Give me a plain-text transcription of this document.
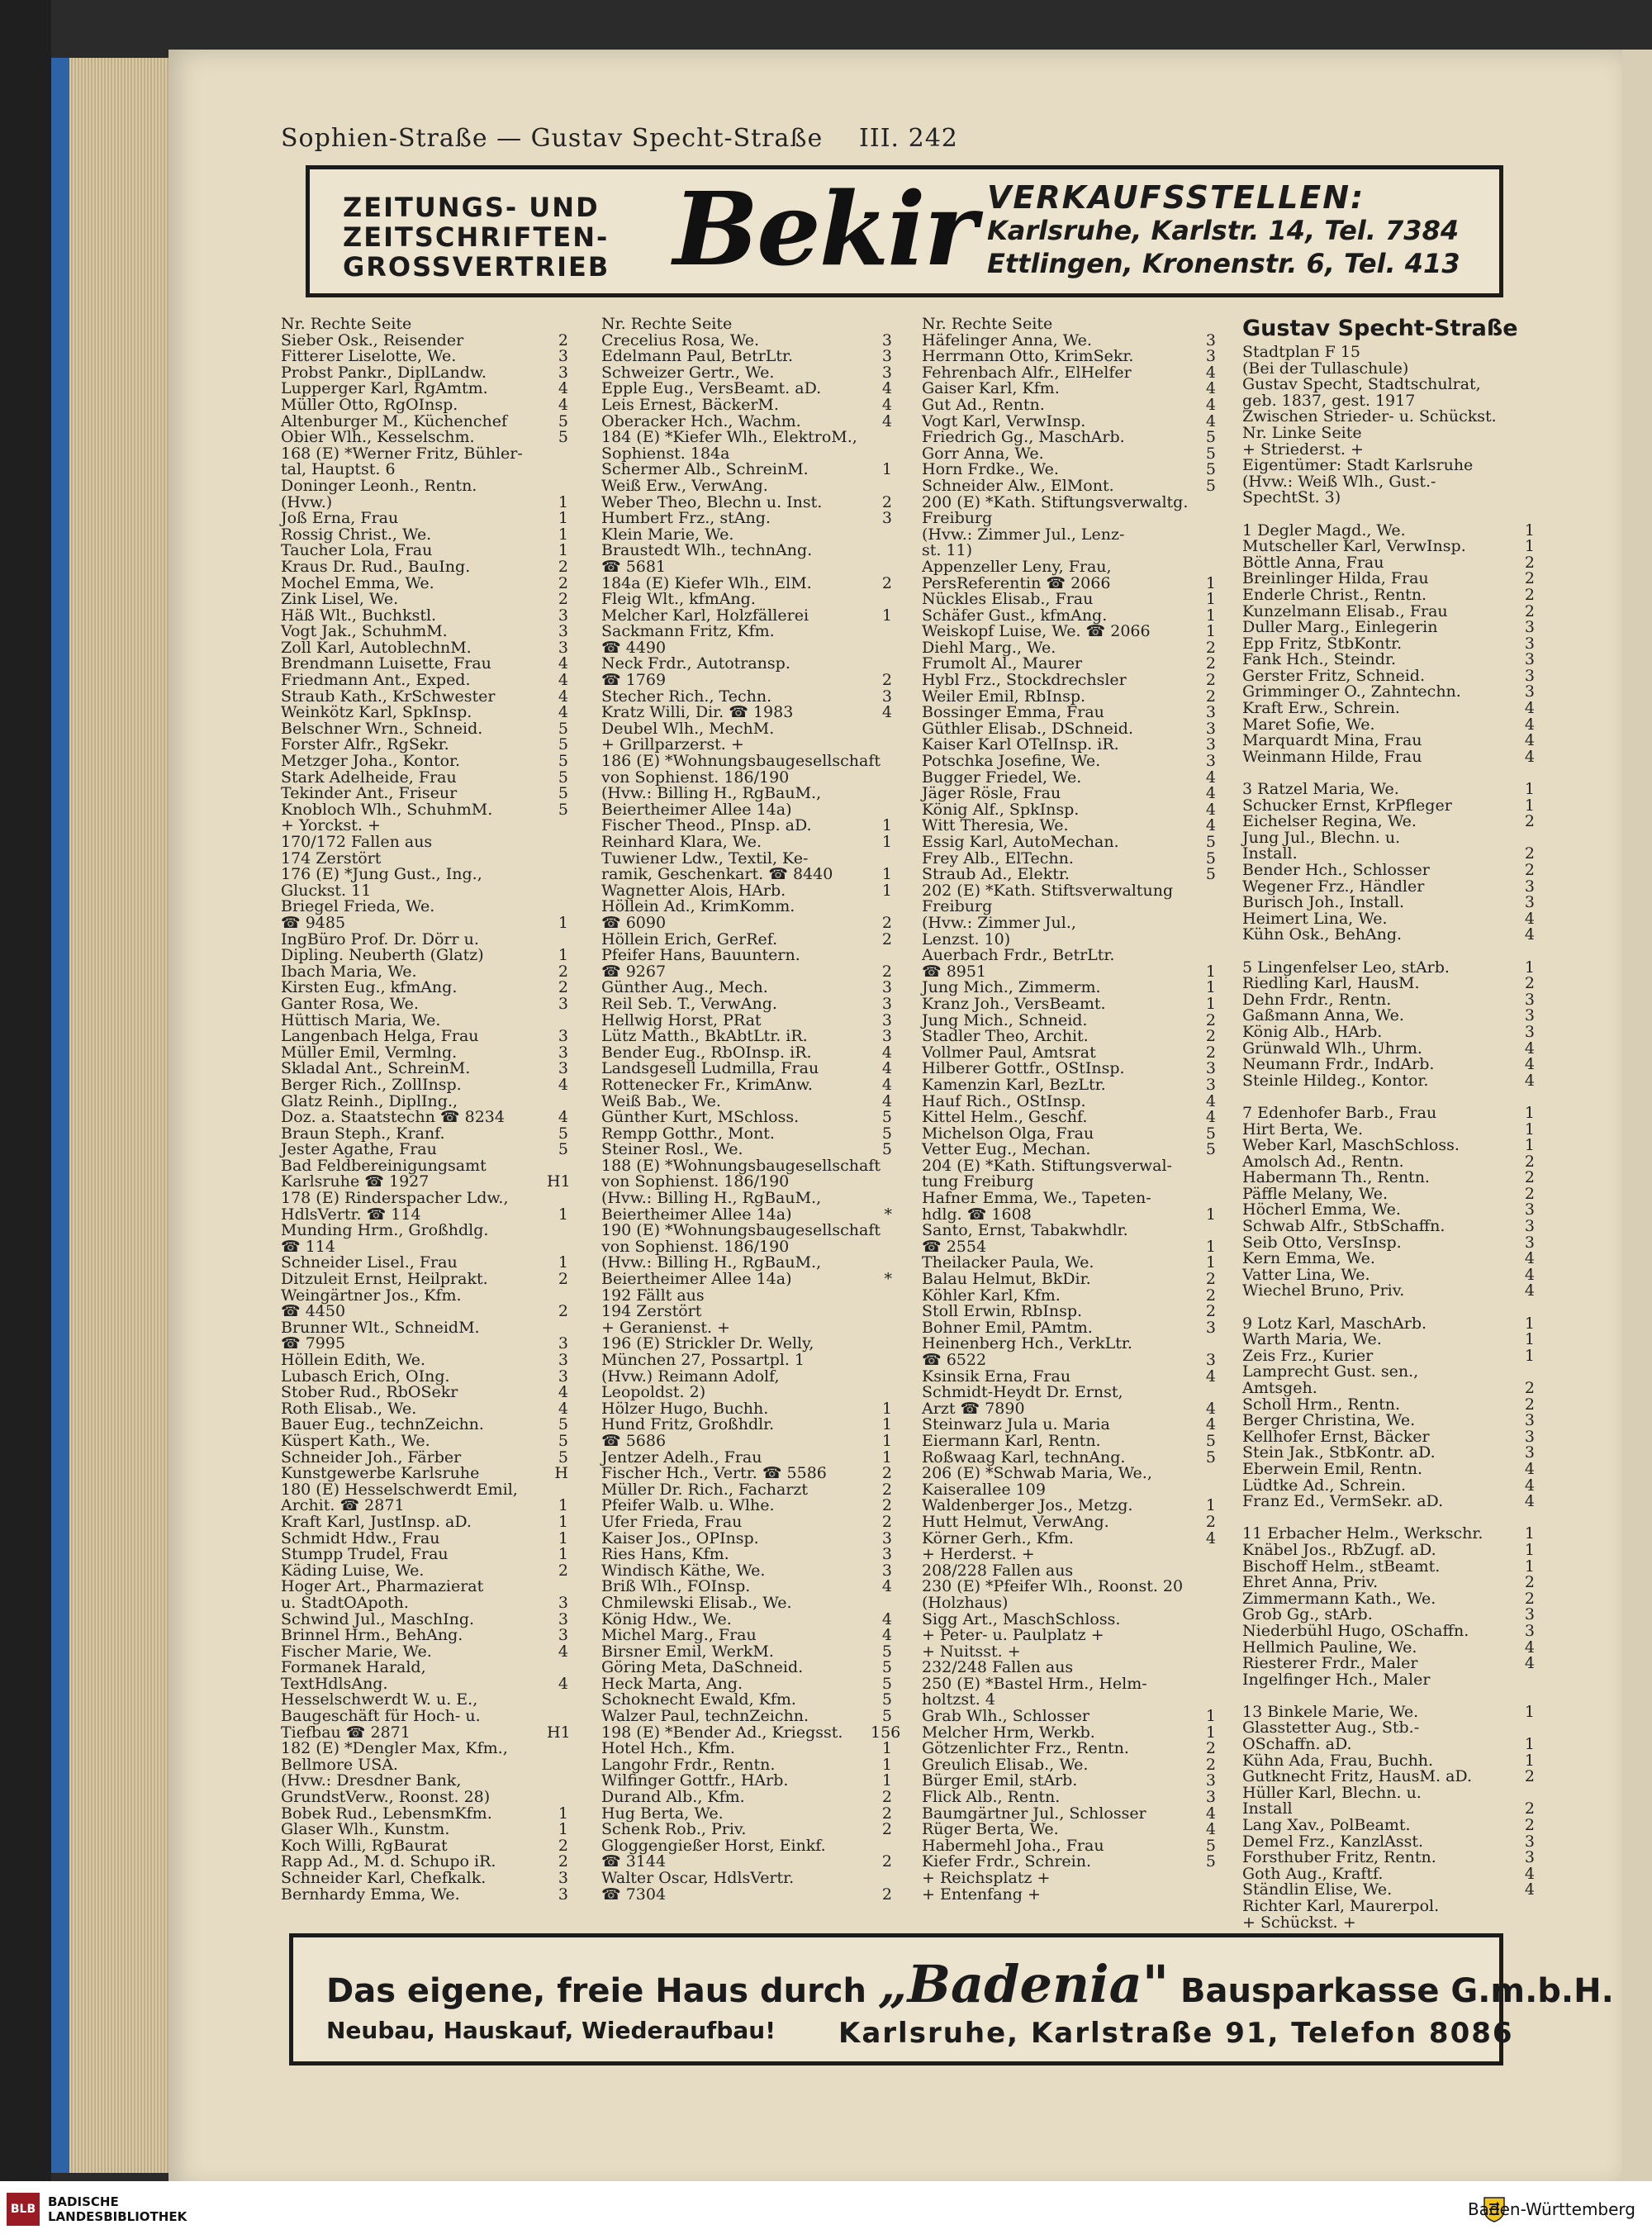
Sophien-Straße — Gustav Specht-Straße III. 242
ZEITUNGS- UND
ZEITSCHRIFTEN-
GROSSVERTRIEB Bekir VERKAUFSSTELLEN:
Karlsruhe, Karlstr. 14, Tel. 7384
Ettlingen, Kronenstr. 6, Tel. 413
Nr. Rechte Seite
Sieber Osk., Reisender	2
Fitterer Liselotte, We.	3
Probst Pankr., DiplLandw.	3
Lupperger Karl, RgAmtm.	4
Müller Otto, RgOInsp.	4
Altenburger M., Küchenchef	5
Obier Wlh., Kesselschm.	5
168 (E) *Werner Fritz, Bühler-
tal, Hauptst. 6
Doninger Leonh., Rentn.
(Hvw.)	1
Joß Erna, Frau	1
Rossig Christ., We.	1
Taucher Lola, Frau	1
Kraus Dr. Rud., BauIng.	2
Mochel Emma, We.	2
Zink Lisel, We.	2
Häß Wlt., Buchkstl.	3
Vogt Jak., SchuhmM.	3
Zoll Karl, AutoblechnM.	3
Brendmann Luisette, Frau	4
Friedmann Ant., Exped.	4
Straub Kath., KrSchwester	4
Weinkötz Karl, SpkInsp.	4
Belschner Wrn., Schneid.	5
Forster Alfr., RgSekr.	5
Metzger Joha., Kontor.	5
Stark Adelheide, Frau	5
Tekinder Ant., Friseur	5
Knobloch Wlh., SchuhmM.	5
+ Yorckst. +
170/172 Fallen aus
174 Zerstört
176 (E) *Jung Gust., Ing.,
Gluckst. 11
Briegel Frieda, We.
☎ 9485	1
IngBüro Prof. Dr. Dörr u.
Dipling. Neuberth (Glatz)	1
Ibach Maria, We.	2
Kirsten Eug., kfmAng.	2
Ganter Rosa, We.	3
Hüttisch Maria, We.
Langenbach Helga, Frau	3
Müller Emil, Vermlng.	3
Skladal Ant., SchreinM.	3
Berger Rich., ZollInsp.	4
Glatz Reinh., DiplIng.,
Doz. a. Staatstechn ☎ 8234	4
Braun Steph., Kranf.	5
Jester Agathe, Frau	5
Bad Feldbereinigungsamt
Karlsruhe ☎ 1927	H1
178 (E) Rinderspacher Ldw.,
HdlsVertr. ☎ 114	1
Munding Hrm., Großhdlg.
☎ 114
Schneider Lisel., Frau	1
Ditzuleit Ernst, Heilprakt.	2
Weingärtner Jos., Kfm.
☎ 4450	2
Brunner Wlt., SchneidM.
☎ 7995	3
Höllein Edith, We.	3
Lubasch Erich, OIng.	3
Stober Rud., RbOSekr	4
Roth Elisab., We.	4
Bauer Eug., technZeichn.	5
Küspert Kath., We.	5
Schneider Joh., Färber	5
Kunstgewerbe Karlsruhe	H
180 (E) Hesselschwerdt Emil,
Archit. ☎ 2871	1
Kraft Karl, JustInsp. aD.	1
Schmidt Hdw., Frau	1
Stumpp Trudel, Frau	1
Käding Luise, We.	2
Hoger Art., Pharmazierat
u. StadtOApoth.	3
Schwind Jul., MaschIng.	3
Brinnel Hrm., BehAng.	3
Fischer Marie, We.	4
Formanek Harald,
TextHdlsAng.	4
Hesselschwerdt W. u. E.,
Baugeschäft für Hoch- u.
Tiefbau ☎ 2871	H1
182 (E) *Dengler Max, Kfm.,
Bellmore USA.
(Hvw.: Dresdner Bank,
GrundstVerw., Roonst. 28)
Bobek Rud., LebensmKfm.	1
Glaser Wlh., Kunstm.	1
Koch Willi, RgBaurat	2
Rapp Ad., M. d. Schupo iR.	2
Schneider Karl, Chefkalk.	3
Bernhardy Emma, We.	3
Nr. Rechte Seite
Crecelius Rosa, We.	3
Edelmann Paul, BetrLtr.	3
Schweizer Gertr., We.	3
Epple Eug., VersBeamt. aD.	4
Leis Ernest, BäckerM.	4
Oberacker Hch., Wachm.	4
184 (E) *Kiefer Wlh., ElektroM.,
Sophienst. 184a
Schermer Alb., SchreinM.	1
Weiß Erw., VerwAng.
Weber Theo, Blechn u. Inst.	2
Humbert Frz., stAng.	3
Klein Marie, We.
Braustedt Wlh., technAng.
☎ 5681
184a (E) Kiefer Wlh., ElM.	2
Fleig Wlt., kfmAng.
Melcher Karl, Holzfällerei	1
Sackmann Fritz, Kfm.
☎ 4490
Neck Frdr., Autotransp.
☎ 1769	2
Stecher Rich., Techn.	3
Kratz Willi, Dir. ☎ 1983	4
Deubel Wlh., MechM.
+ Grillparzerst. +
186 (E) *Wohnungsbaugesellschaft
von Sophienst. 186/190
(Hvw.: Billing H., RgBauM.,
Beiertheimer Allee 14a)
Fischer Theod., PInsp. aD.	1
Reinhard Klara, We.	1
Tuwiener Ldw., Textil, Ke-
ramik, Geschenkart. ☎ 8440	1
Wagnetter Alois, HArb.	1
Höllein Ad., KrimKomm.
☎ 6090	2
Höllein Erich, GerRef.	2
Pfeifer Hans, Bauuntern.
☎ 9267	2
Günther Aug., Mech.	3
Reil Seb. T., VerwAng.	3
Hellwig Horst, PRat	3
Lütz Matth., BkAbtLtr. iR.	3
Bender Eug., RbOInsp. iR.	4
Landsgesell Ludmilla, Frau	4
Rottenecker Fr., KrimAnw.	4
Weiß Bab., We.	4
Günther Kurt, MSchloss.	5
Rempp Gotthr., Mont.	5
Steiner Rosl., We.	5
188 (E) *Wohnungsbaugesellschaft
von Sophienst. 186/190
(Hvw.: Billing H., RgBauM.,
Beiertheimer Allee 14a)	*
190 (E) *Wohnungsbaugesellschaft
von Sophienst. 186/190
(Hvw.: Billing H., RgBauM.,
Beiertheimer Allee 14a)	*
192 Fällt aus
194 Zerstört
+ Geranienst. +
196 (E) Strickler Dr. Welly,
München 27, Possartpl. 1
(Hvw.) Reimann Adolf,
Leopoldst. 2)
Hölzer Hugo, Buchh.	1
Hund Fritz, Großhdlr.	1
☎ 5686	1
Jentzer Adelh., Frau	1
Fischer Hch., Vertr. ☎ 5586	2
Müller Dr. Rich., Facharzt	2
Pfeifer Walb. u. Wlhe.	2
Ufer Frieda, Frau	2
Kaiser Jos., OPInsp.	3
Ries Hans, Kfm.	3
Windisch Käthe, We.	3
Briß Wlh., FOInsp.	4
Chmilewski Elisab., We.
König Hdw., We.	4
Michel Marg., Frau	4
Birsner Emil, WerkM.	5
Göring Meta, DaSchneid.	5
Heck Marta, Ang.	5
Schoknecht Ewald, Kfm.	5
Walzer Paul, technZeichn.	5
198 (E) *Bender Ad., Kriegsst.	156
Hotel Hch., Kfm.	1
Langohr Frdr., Rentn.	1
Wilfinger Gottfr., HArb.	1
Durand Alb., Kfm.	2
Hug Berta, We.	2
Schenk Rob., Priv.	2
Gloggengießer Horst, Einkf.
☎ 3144	2
Walter Oscar, HdlsVertr.
☎ 7304	2
Nr. Rechte Seite
Häfelinger Anna, We.	3
Herrmann Otto, KrimSekr.	3
Fehrenbach Alfr., ElHelfer	4
Gaiser Karl, Kfm.	4
Gut Ad., Rentn.	4
Vogt Karl, VerwInsp.	4
Friedrich Gg., MaschArb.	5
Gorr Anna, We.	5
Horn Frdke., We.	5
Schneider Alw., ElMont.	5
200 (E) *Kath. Stiftungsverwaltg.
Freiburg
(Hvw.: Zimmer Jul., Lenz-
st. 11)
Appenzeller Leny, Frau,
PersReferentin ☎ 2066	1
Nückles Elisab., Frau	1
Schäfer Gust., kfmAng.	1
Weiskopf Luise, We. ☎ 2066	1
Diehl Marg., We.	2
Frumolt Al., Maurer	2
Hybl Frz., Stockdrechsler	2
Weiler Emil, RbInsp.	2
Bossinger Emma, Frau	3
Güthler Elisab., DSchneid.	3
Kaiser Karl OTelInsp. iR.	3
Potschka Josefine, We.	3
Bugger Friedel, We.	4
Jäger Rösle, Frau	4
König Alf., SpkInsp.	4
Witt Theresia, We.	4
Essig Karl, AutoMechan.	5
Frey Alb., ElTechn.	5
Straub Ad., Elektr.	5
202 (E) *Kath. Stiftsverwaltung
Freiburg
(Hvw.: Zimmer Jul.,
Lenzst. 10)
Auerbach Frdr., BetrLtr.
☎ 8951	1
Jung Mich., Zimmerm.	1
Kranz Joh., VersBeamt.	1
Jung Mich., Schneid.	2
Stadler Theo, Archit.	2
Vollmer Paul, Amtsrat	2
Hilberer Gottfr., OStInsp.	3
Kamenzin Karl, BezLtr.	3
Hauf Rich., OStInsp.	4
Kittel Helm., Geschf.	4
Michelson Olga, Frau	5
Vetter Eug., Mechan.	5
204 (E) *Kath. Stiftungsverwal-
tung Freiburg
Hafner Emma, We., Tapeten-
hdlg. ☎ 1608	1
Santo, Ernst, Tabakwhdlr.
☎ 2554	1
Theilacker Paula, We.	1
Balau Helmut, BkDir.	2
Köhler Karl, Kfm.	2
Stoll Erwin, RbInsp.	2
Bohner Emil, PAmtm.	3
Heinenberg Hch., VerkLtr.
☎ 6522	3
Ksinsik Erna, Frau	4
Schmidt-Heydt Dr. Ernst,
Arzt ☎ 7890	4
Steinwarz Jula u. Maria	4
Eiermann Karl, Rentn.	5
Roßwaag Karl, technAng.	5
206 (E) *Schwab Maria, We.,
Kaiserallee 109
Waldenberger Jos., Metzg.	1
Hutt Helmut, VerwAng.	2
Körner Gerh., Kfm.	4
+ Herderst. +
208/228 Fallen aus
230 (E) *Pfeifer Wlh., Roonst. 20
(Holzhaus)
Sigg Art., MaschSchloss.
+ Peter- u. Paulplatz +
+ Nuitsst. +
232/248 Fallen aus
250 (E) *Bastel Hrm., Helm-
holtzst. 4
Grab Wlh., Schlosser	1
Melcher Hrm, Werkb.	1
Götzenlichter Frz., Rentn.	2
Greulich Elisab., We.	2
Bürger Emil, stArb.	3
Flick Alb., Rentn.	3
Baumgärtner Jul., Schlosser	4
Rüger Berta, We.	4
Habermehl Joha., Frau	5
Kiefer Frdr., Schrein.	5
+ Reichsplatz +
+ Entenfang +
Gustav Specht-Straße
Stadtplan F 15
(Bei der Tullaschule)
Gustav Specht, Stadtschulrat,
geb. 1837, gest. 1917
Zwischen Strieder- u. Schückst.
Nr. Linke Seite
+ Striederst. +
Eigentümer: Stadt Karlsruhe
(Hvw.: Weiß Wlh., Gust.-
SpechtSt. 3)
1 Degler Magd., We.	1
Mutscheller Karl, VerwInsp.	1
Böttle Anna, Frau	2
Breinlinger Hilda, Frau	2
Enderle Christ., Rentn.	2
Kunzelmann Elisab., Frau	2
Duller Marg., Einlegerin	3
Epp Fritz, StbKontr.	3
Fank Hch., Steindr.	3
Gerster Fritz, Schneid.	3
Grimminger O., Zahntechn.	3
Kraft Erw., Schrein.	4
Maret Sofie, We.	4
Marquardt Mina, Frau	4
Weinmann Hilde, Frau	4
3 Ratzel Maria, We.	1
Schucker Ernst, KrPfleger	1
Eichelser Regina, We.	2
Jung Jul., Blechn. u.
Install.	2
Bender Hch., Schlosser	2
Wegener Frz., Händler	3
Burisch Joh., Install.	3
Heimert Lina, We.	4
Kühn Osk., BehAng.	4
5 Lingenfelser Leo, stArb.	1
Riedling Karl, HausM.	2
Dehn Frdr., Rentn.	3
Gaßmann Anna, We.	3
König Alb., HArb.	3
Grünwald Wlh., Uhrm.	4
Neumann Frdr., IndArb.	4
Steinle Hildeg., Kontor.	4
7 Edenhofer Barb., Frau	1
Hirt Berta, We.	1
Weber Karl, MaschSchloss.	1
Amolsch Ad., Rentn.	2
Habermann Th., Rentn.	2
Päffle Melany, We.	2
Höcherl Emma, We.	3
Schwab Alfr., StbSchaffn.	3
Seib Otto, VersInsp.	3
Kern Emma, We.	4
Vatter Lina, We.	4
Wiechel Bruno, Priv.	4
9 Lotz Karl, MaschArb.	1
Warth Maria, We.	1
Zeis Frz., Kurier	1
Lamprecht Gust. sen.,
Amtsgeh.	2
Scholl Hrm., Rentn.	2
Berger Christina, We.	3
Kellhofer Ernst, Bäcker	3
Stein Jak., StbKontr. aD.	3
Eberwein Emil, Rentn.	4
Lüdtke Ad., Schrein.	4
Franz Ed., VermSekr. aD.	4
11 Erbacher Helm., Werkschr.	1
Knäbel Jos., RbZugf. aD.	1
Bischoff Helm., stBeamt.	1
Ehret Anna, Priv.	2
Zimmermann Kath., We.	2
Grob Gg., stArb.	3
Niederbühl Hugo, OSchaffn.	3
Hellmich Pauline, We.	4
Riesterer Frdr., Maler	4
Ingelfinger Hch., Maler
13 Binkele Marie, We.	1
Glasstetter Aug., Stb.-
OSchaffn. aD.	1
Kühn Ada, Frau, Buchh.	1
Gutknecht Fritz, HausM. aD.	2
Hüller Karl, Blechn. u.
Install	2
Lang Xav., PolBeamt.	2
Demel Frz., KanzlAsst.	3
Forsthuber Fritz, Rentn.	3
Goth Aug., Kraftf.	4
Ständlin Elise, We.	4
Richter Karl, Maurerpol.
+ Schückst. +
Das eigene, freie Haus durch „Badenia" Bausparkasse G.m.b.H.
Neubau, Hauskauf, Wiederaufbau! Karlsruhe, Karlstraße 91, Telefon 8086
BLB BADISCHE
LANDESBIBLIOTHEK	Baden-Württemberg
